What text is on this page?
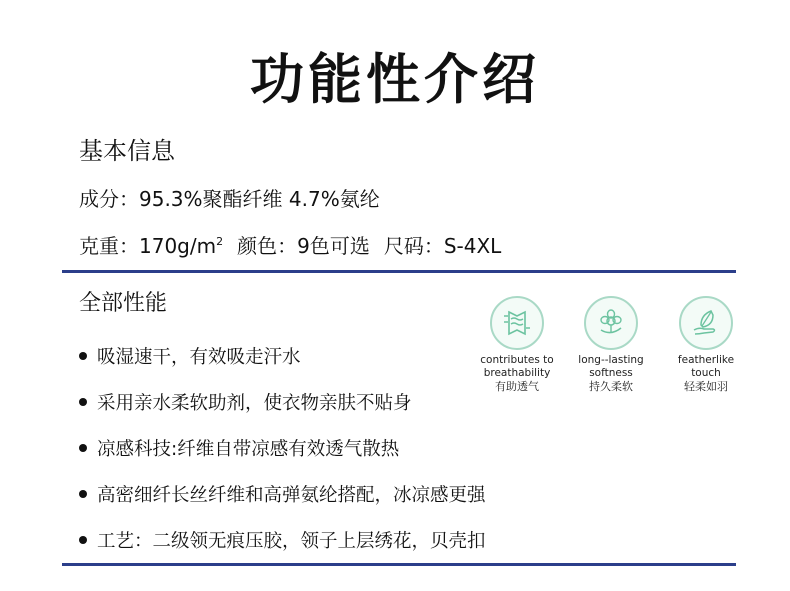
功能性介绍
基本信息
成分：95.3%聚酯纤维 4.7%氨纶
克重：$170g/m^2$ 颜色：9色可选 尺码：S-4XL
全部性能
吸湿速干，有效吸走汗水
采用亲水柔软助剂，使衣物亲肤不贴身
凉感科技:纤维自带凉感有效透气散热
高密细纤长丝纤维和高弹氨纶搭配，冰凉感更强
工艺：二级领无痕压胶，领子上层绣花，贝壳扣
contributes to
breathability
有助透气
long--lasting
softness
持久柔软
featherlike
touch
轻柔如羽
